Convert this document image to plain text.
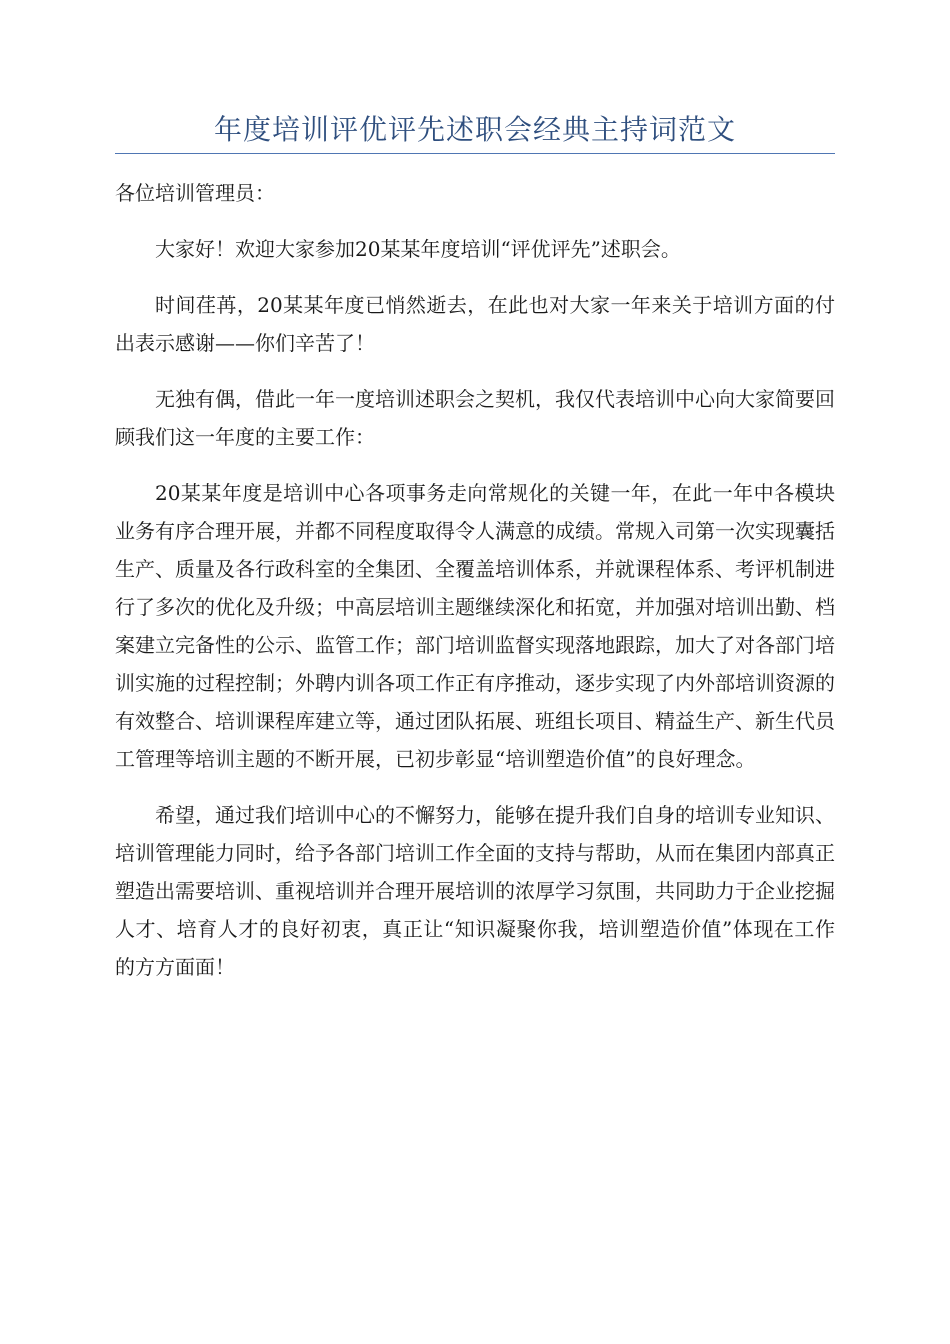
年度培训评优评先述职会经典主持词范文

各位培训管理员：

大家好！欢迎大家参加20某某年度培训“评优评先”述职会。

时间荏苒，20某某年度已悄然逝去，在此也对大家一年来关于培训方面的付出表示感谢——你们辛苦了！

无独有偶，借此一年一度培训述职会之契机，我仅代表培训中心向大家简要回顾我们这一年度的主要工作：

20某某年度是培训中心各项事务走向常规化的关键一年，在此一年中各模块业务有序合理开展，并都不同程度取得令人满意的成绩。常规入司第一次实现囊括生产、质量及各行政科室的全集团、全覆盖培训体系，并就课程体系、考评机制进行了多次的优化及升级；中高层培训主题继续深化和拓宽，并加强对培训出勤、档案建立完备性的公示、监管工作；部门培训监督实现落地跟踪，加大了对各部门培训实施的过程控制；外聘内训各项工作正有序推动，逐步实现了内外部培训资源的有效整合、培训课程库建立等，通过团队拓展、班组长项目、精益生产、新生代员工管理等培训主题的不断开展，已初步彰显“培训塑造价值”的良好理念。

希望，通过我们培训中心的不懈努力，能够在提升我们自身的培训专业知识、培训管理能力同时，给予各部门培训工作全面的支持与帮助，从而在集团内部真正塑造出需要培训、重视培训并合理开展培训的浓厚学习氛围，共同助力于企业挖掘人才、培育人才的良好初衷，真正让“知识凝聚你我，培训塑造价值”体现在工作的方方面面！
